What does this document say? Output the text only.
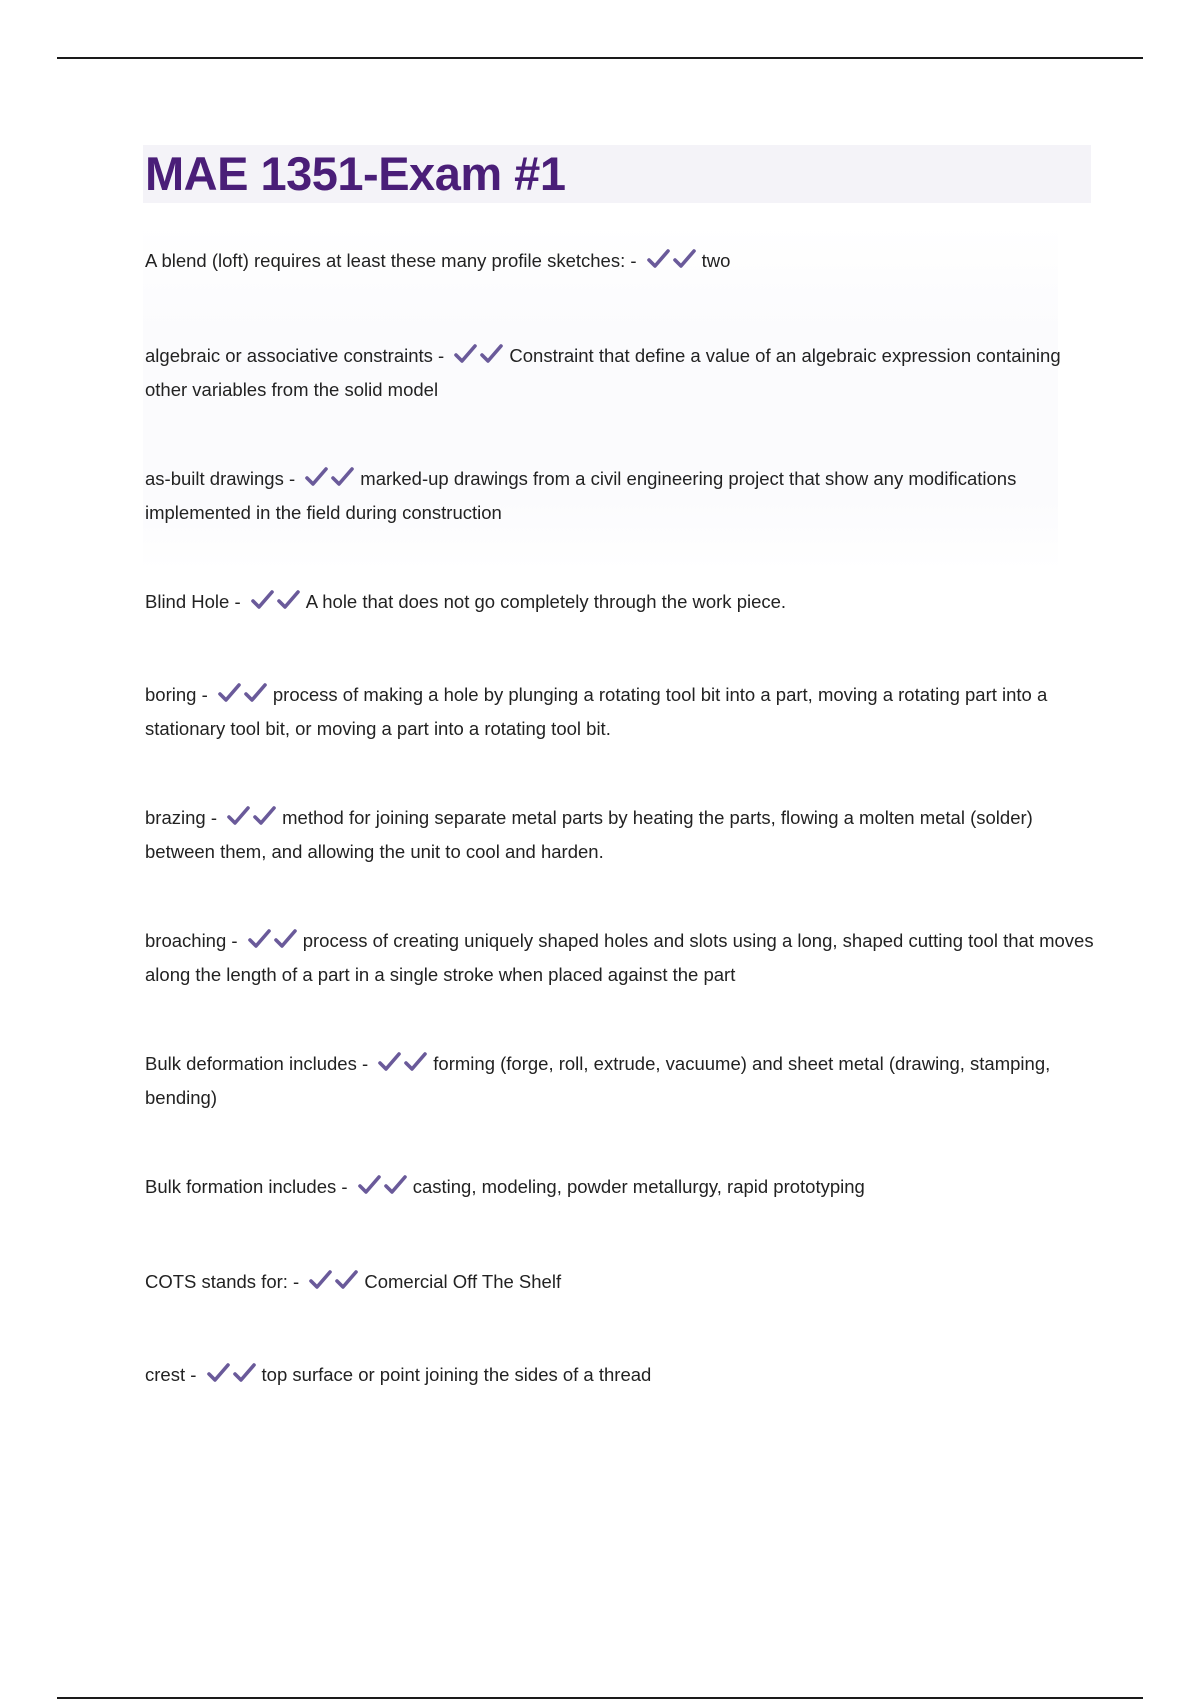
MAE 1351-Exam #1

A blend (loft) requires at least these many profile sketches: -	two

algebraic or associative constraints -	Constraint that define a value of an algebraic expression containing other variables from the solid model

as-built drawings -	marked-up drawings from a civil engineering project that show any modifications implemented in the field during construction

Blind Hole -	A hole that does not go completely through the work piece.

boring -	process of making a hole by plunging a rotating tool bit into a part, moving a rotating part into a stationary tool bit, or moving a part into a rotating tool bit.

brazing -	method for joining separate metal parts by heating the parts, flowing a molten metal (solder) between them, and allowing the unit to cool and harden.

broaching -	process of creating uniquely shaped holes and slots using a long, shaped cutting tool that moves along the length of a part in a single stroke when placed against the part

Bulk deformation includes -	forming (forge, roll, extrude, vacuume) and sheet metal (drawing, stamping, bending)

Bulk formation includes -	casting, modeling, powder metallurgy, rapid prototyping

COTS stands for: -	Comercial Off The Shelf

crest -	top surface or point joining the sides of a thread
